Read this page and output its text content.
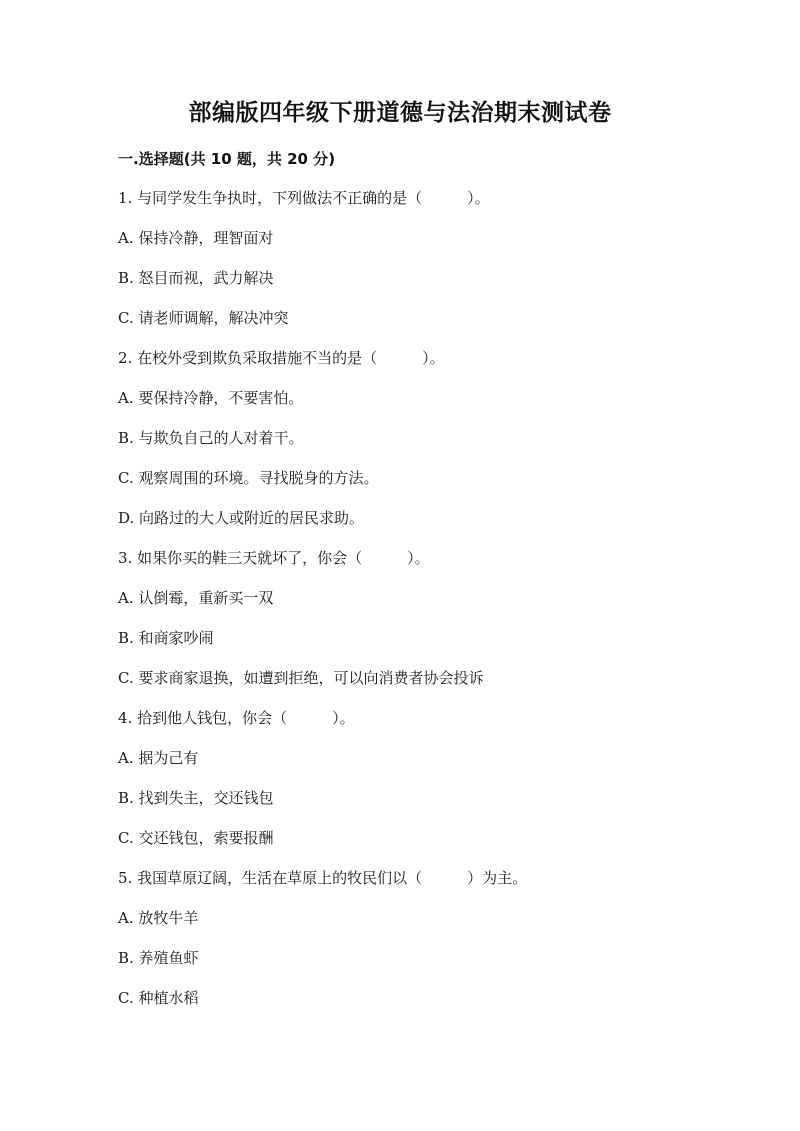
部编版四年级下册道德与法治期末测试卷
一.选择题(共 10 题，共 20 分)
1. 与同学发生争执时，下列做法不正确的是（　　　）。
A. 保持冷静，理智面对
B. 怒目而视，武力解决
C. 请老师调解，解决冲突
2. 在校外受到欺负采取措施不当的是（　　　）。
A. 要保持冷静，不要害怕。
B. 与欺负自己的人对着干。
C. 观察周围的环境。寻找脱身的方法。
D. 向路过的大人或附近的居民求助。
3. 如果你买的鞋三天就坏了，你会（　　　）。
A. 认倒霉，重新买一双
B. 和商家吵闹
C. 要求商家退换，如遭到拒绝，可以向消费者协会投诉
4. 拾到他人钱包，你会（　　　）。
A. 据为己有
B. 找到失主，交还钱包
C. 交还钱包，索要报酬
5. 我国草原辽阔，生活在草原上的牧民们以（　　　）为主。
A. 放牧牛羊
B. 养殖鱼虾
C. 种植水稻
